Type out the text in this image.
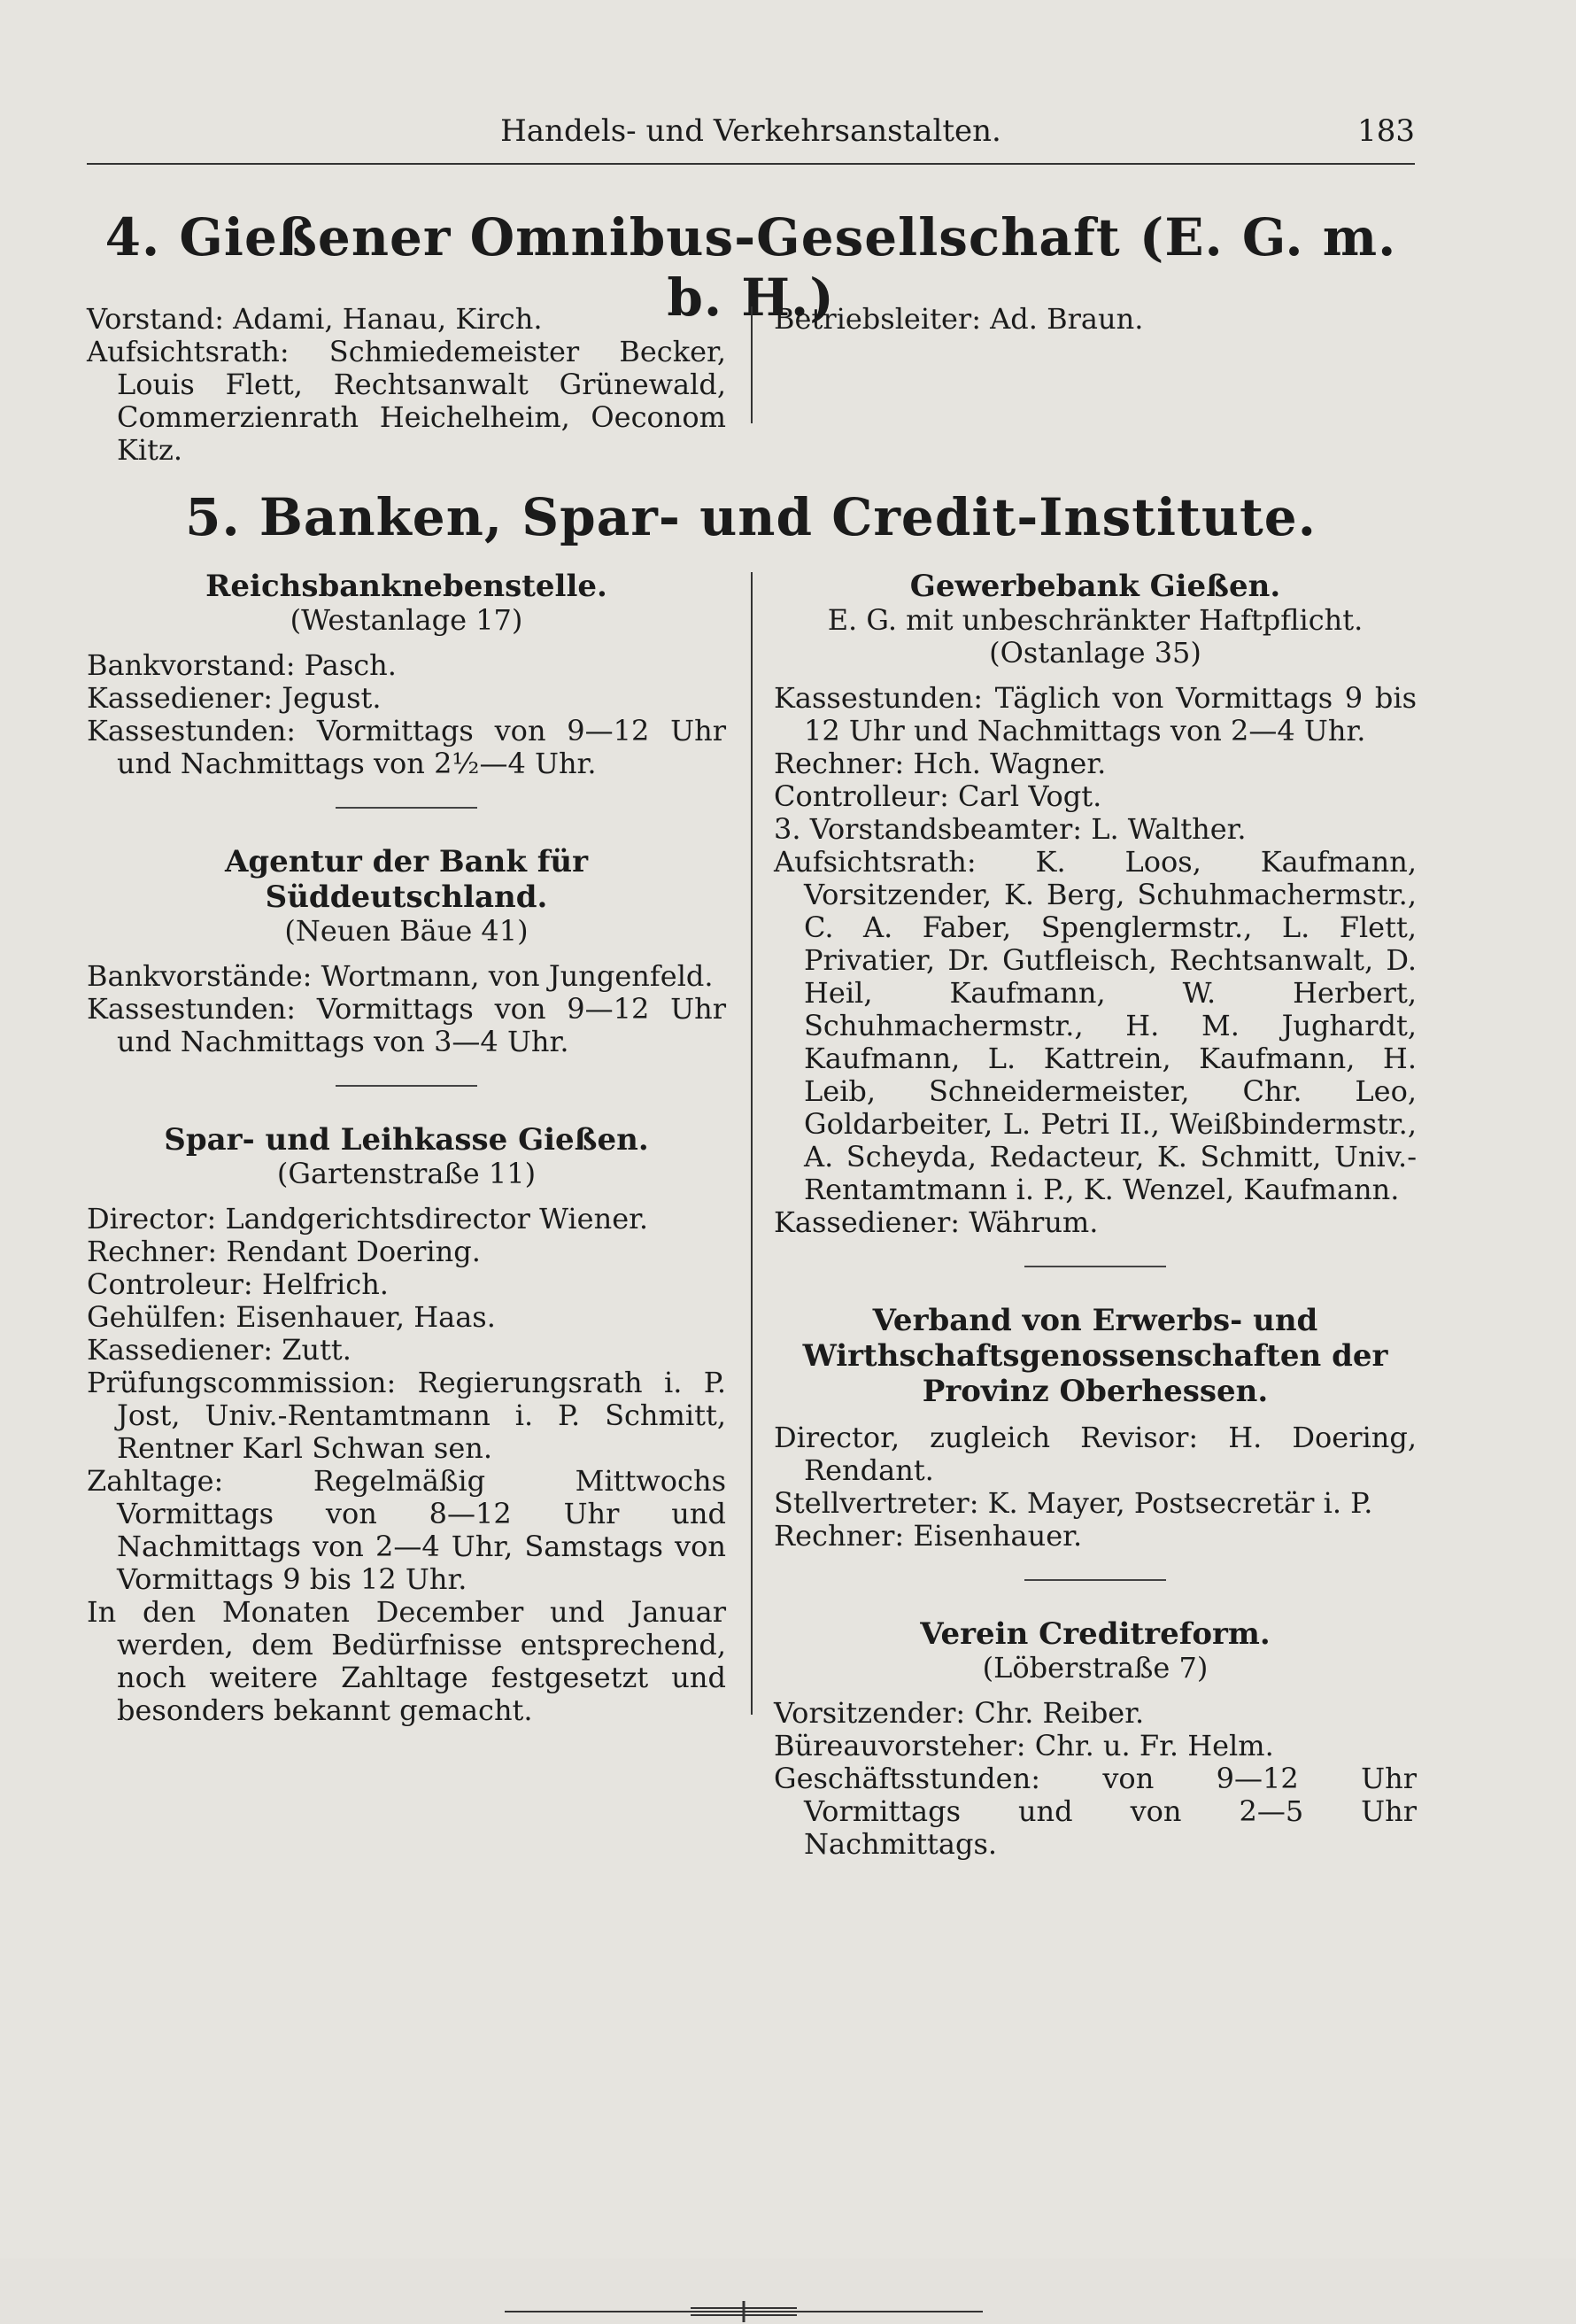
Handels- und Verkehrsanstalten.	183
4. Gießener Omnibus-Gesellschaft (E. G. m. b. H.)

Vorstand: Adami, Hanau, Kirch.

Aufsichtsrath: Schmiedemeister Becker, Louis Flett, Rechtsanwalt Grünewald, Commerzienrath Heichelheim, Oeconom Kitz.

Betriebsleiter: Ad. Braun.

5. Banken, Spar- und Credit-Institute.
Reichsbanknebenstelle.

(Westanlage 17)

Bankvorstand: Pasch.

Kassediener: Jegust.

Kassestunden: Vormittags von 9—12 Uhr und Nachmittags von 2½—4 Uhr.

Agentur der Bank für Süddeutschland.

(Neuen Bäue 41)

Bankvorstände: Wortmann, von Jungenfeld.

Kassestunden: Vormittags von 9—12 Uhr und Nachmittags von 3—4 Uhr.

Spar- und Leihkasse Gießen.

(Gartenstraße 11)

Director: Landgerichtsdirector Wiener.

Rechner: Rendant Doering.

Controleur: Helfrich.

Gehülfen: Eisenhauer, Haas.

Kassediener: Zutt.

Prüfungscommission: Regierungsrath i. P. Jost, Univ.-Rentamtmann i. P. Schmitt, Rentner Karl Schwan sen.

Zahltage: Regelmäßig Mittwochs Vormittags von 8—12 Uhr und Nachmittags von 2—4 Uhr, Samstags von Vormittags 9 bis 12 Uhr.

In den Monaten December und Januar werden, dem Bedürfnisse entsprechend, noch weitere Zahltage festgesetzt und besonders bekannt gemacht.

Gewerbebank Gießen.

E. G. mit unbeschränkter Haftpflicht.

(Ostanlage 35)

Kassestunden: Täglich von Vormittags 9 bis 12 Uhr und Nachmittags von 2—4 Uhr.

Rechner: Hch. Wagner.

Controlleur: Carl Vogt.

3. Vorstandsbeamter: L. Walther.

Aufsichtsrath: K. Loos, Kaufmann, Vorsitzender, K. Berg, Schuhmachermstr., C. A. Faber, Spenglermstr., L. Flett, Privatier, Dr. Gutfleisch, Rechtsanwalt, D. Heil, Kaufmann, W. Herbert, Schuhmachermstr., H. M. Jughardt, Kaufmann, L. Kattrein, Kaufmann, H. Leib, Schneidermeister, Chr. Leo, Goldarbeiter, L. Petri II., Weißbindermstr., A. Scheyda, Redacteur, K. Schmitt, Univ.-Rentamtmann i. P., K. Wenzel, Kaufmann.

Kassediener: Währum.

Verband von Erwerbs- und Wirthschaftsgenossenschaften der Provinz Oberhessen.

Director, zugleich Revisor: H. Doering, Rendant.

Stellvertreter: K. Mayer, Postsecretär i. P.

Rechner: Eisenhauer.

Verein Creditreform.

(Löberstraße 7)

Vorsitzender: Chr. Reiber.

Büreauvorsteher: Chr. u. Fr. Helm.

Geschäftsstunden: von 9—12 Uhr Vormittags und von 2—5 Uhr Nachmittags.
